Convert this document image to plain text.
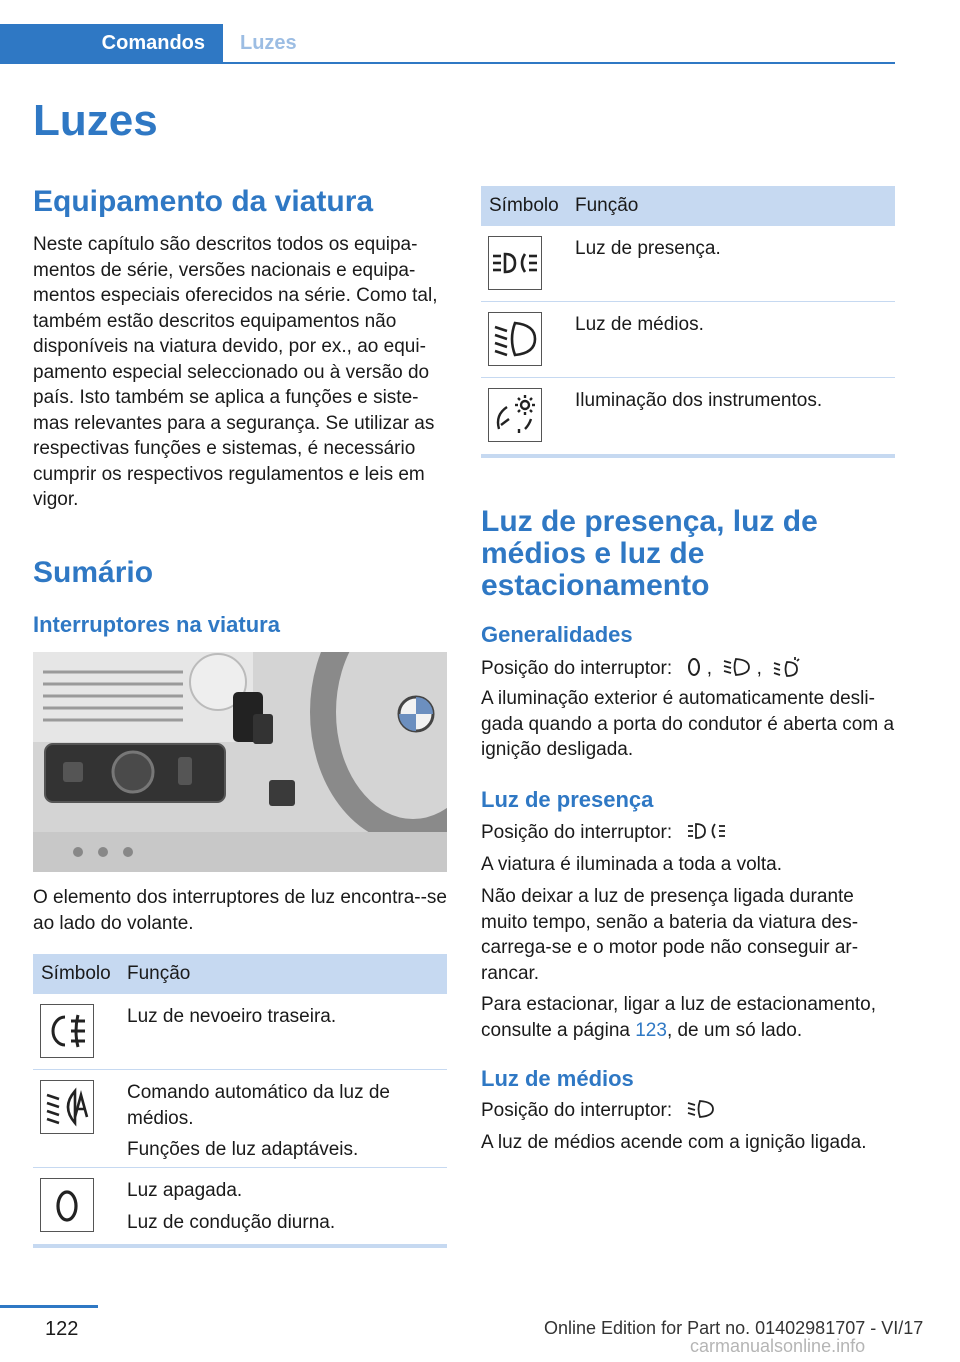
Comandos	Luzes
Luzes
Equipamento da viatura

Neste capítulo são descritos todos os equipa-mentos de série, versões nacionais e equipa-mentos especiais oferecidos na série. Como tal, também estão descritos equipamentos não disponíveis na viatura devido, por ex., ao equi-pamento especial seleccionado ou à versão do país. Isto também se aplica a funções e siste-mas relevantes para a segurança. Se utilizar as respectivas funções e sistemas, é necessário cumprir os respectivos regulamentos e leis em vigor.

Sumário
Interruptores na viatura

O elemento dos interruptores de luz encontra--se ao lado do volante.

Símbolo Função
Luz de nevoeiro traseira.
Comando automático da luz de médios.
Funções de luz adaptáveis.
Luz apagada.
Luz de condução diurna.
Símbolo Função
Luz de presença.
Luz de médios.
Iluminação dos instrumentos.
Luz de presença, luz de médios e luz de estacionamento
Generalidades

Posição do interruptor: , ,

A iluminação exterior é automaticamente desli-gada quando a porta do condutor é aberta com a ignição desligada.

Luz de presença

Posição do interruptor:

A viatura é iluminada a toda a volta.

Não deixar a luz de presença ligada durante muito tempo, senão a bateria da viatura des-carrega-se e o motor pode não conseguir ar-rancar.

Para estacionar, ligar a luz de estacionamento, consulte a página 123, de um só lado.

Luz de médios

Posição do interruptor:

A luz de médios acende com a ignição ligada.

122	Online Edition for Part no. 01402981707 - VI/17
carmanualsonline.info
